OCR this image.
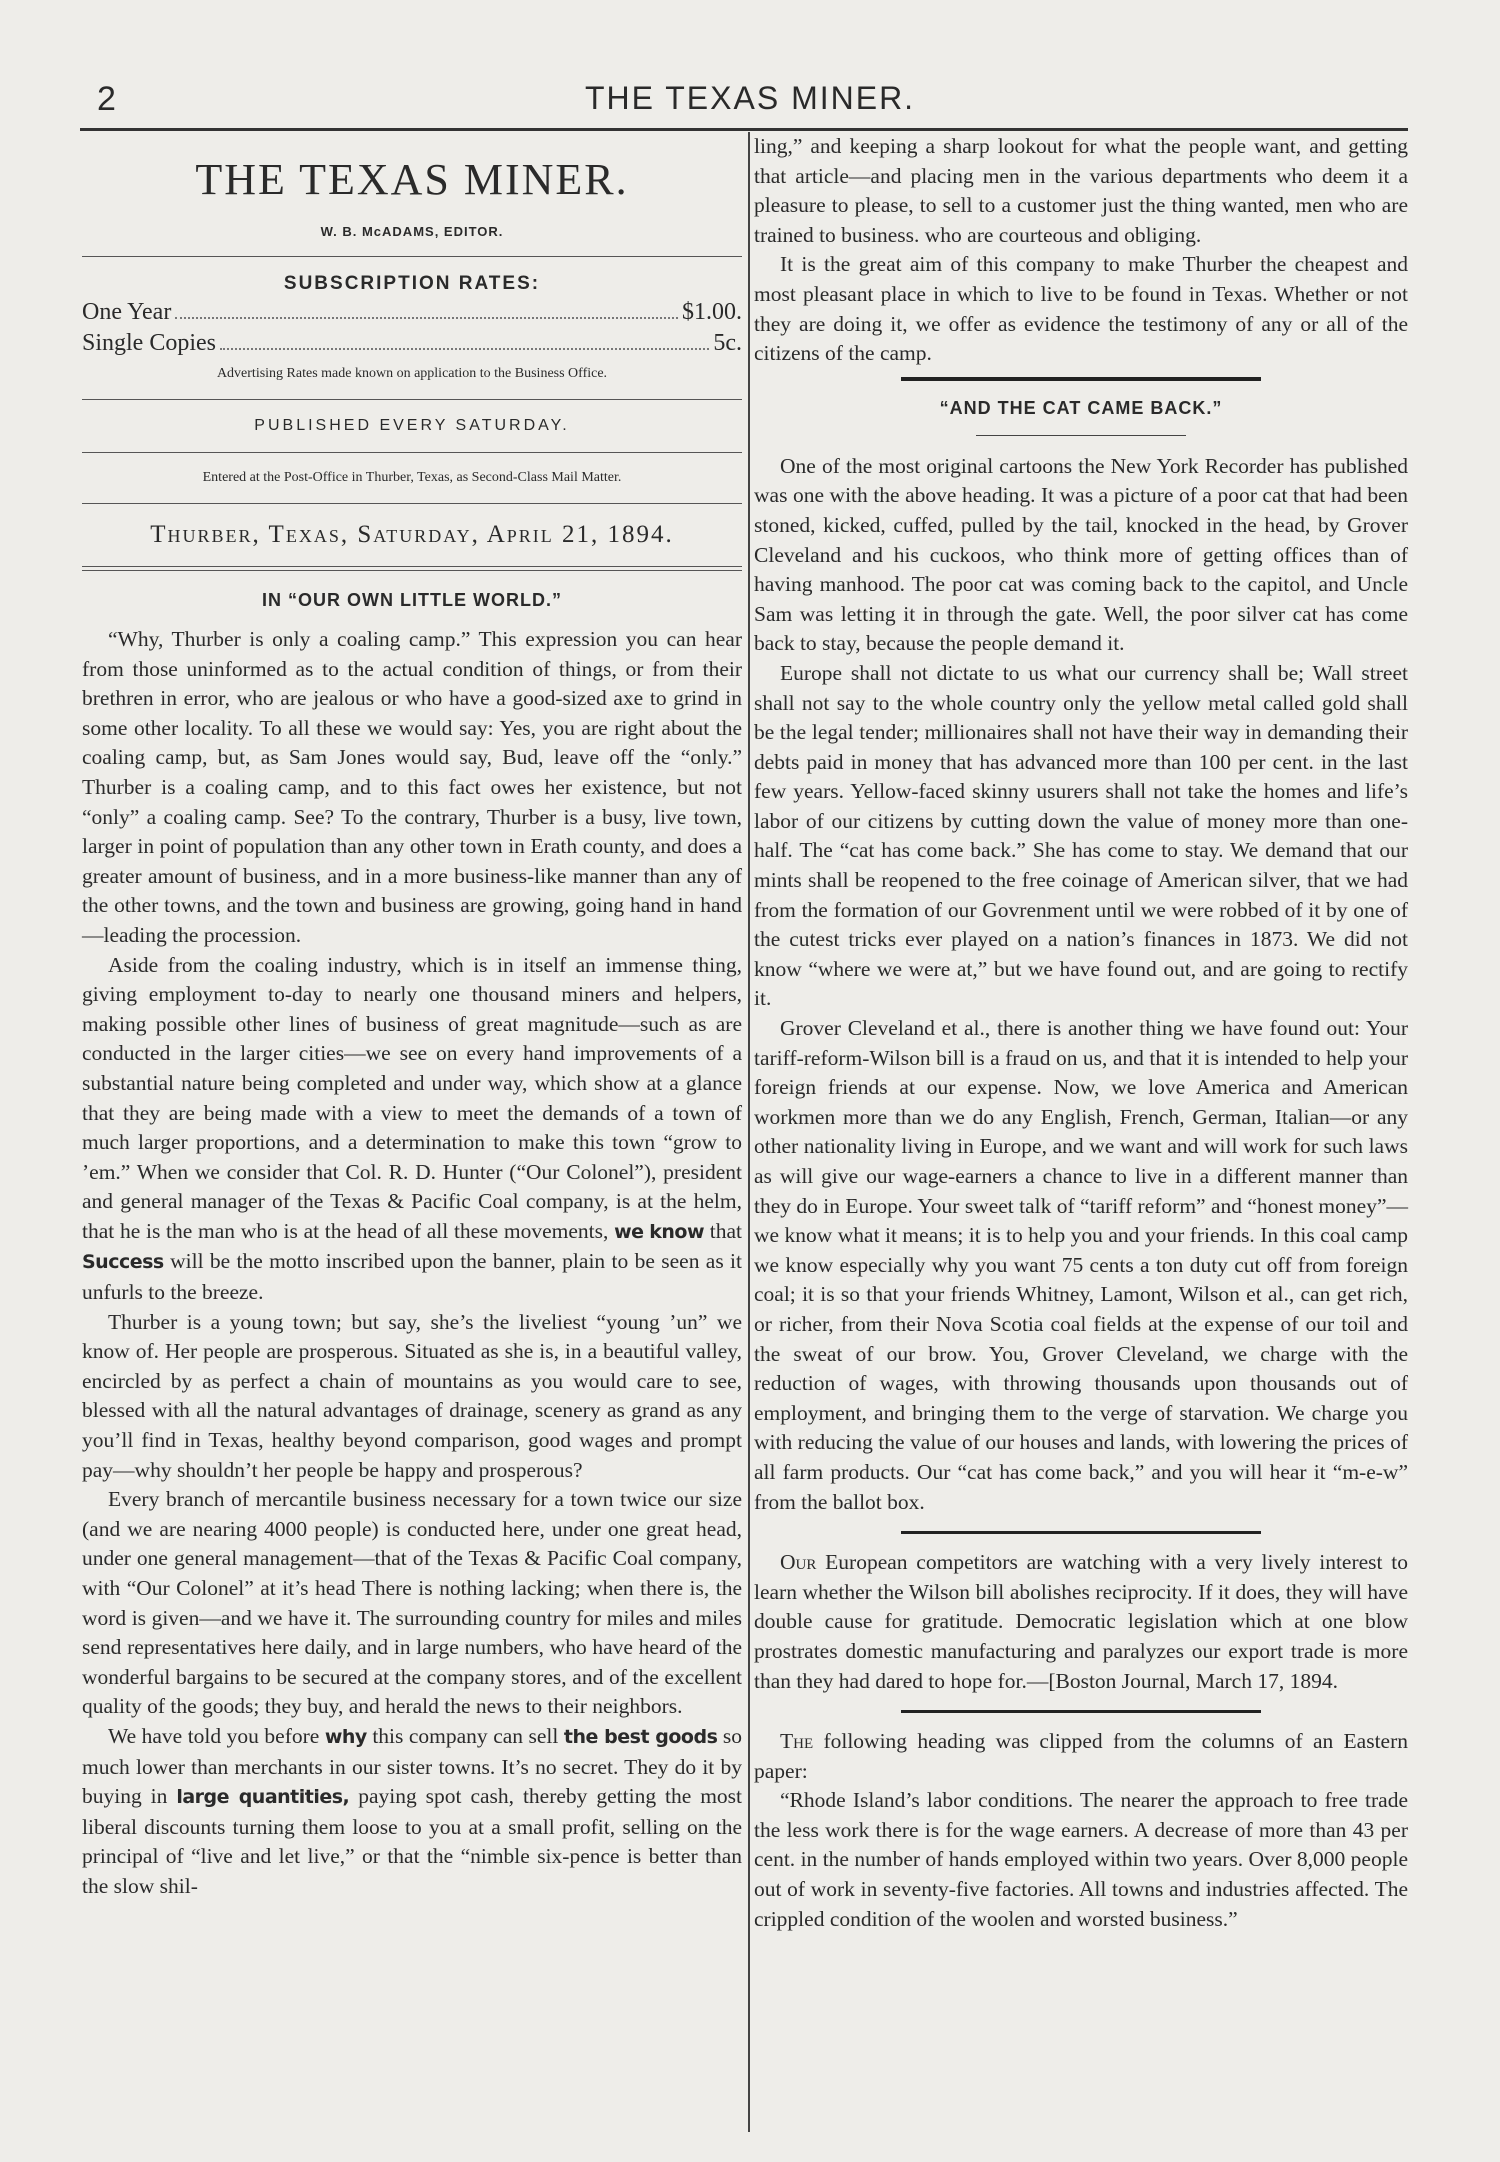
2	THE TEXAS MINER.
THE TEXAS MINER.
W. B. McADAMS, EDITOR.
SUBSCRIPTION RATES:
One Year	$1.00.
Single Copies	5c.
Advertising Rates made known on application to the Business Office.
PUBLISHED EVERY SATURDAY.
Entered at the Post-Office in Thurber, Texas, as Second-Class Mail Matter.
Thurber, Texas, Saturday, April 21, 1894.
IN “OUR OWN LITTLE WORLD.”

“Why, Thurber is only a coaling camp.” This expression you can hear from those uninformed as to the actual condition of things, or from their brethren in error, who are jealous or who have a good-sized axe to grind in some other locality. To all these we would say: Yes, you are right about the coaling camp, but, as Sam Jones would say, Bud, leave off the “only.” Thurber is a coaling camp, and to this fact owes her existence, but not “only” a coaling camp. See? To the contrary, Thurber is a busy, live town, larger in point of population than any other town in Erath county, and does a greater amount of business, and in a more business-like manner than any of the other towns, and the town and business are growing, going hand in hand—leading the procession.

Aside from the coaling industry, which is in itself an immense thing, giving employment to-day to nearly one thousand miners and helpers, making possible other lines of business of great magnitude—such as are conducted in the larger cities—we see on every hand improvements of a substantial nature being completed and under way, which show at a glance that they are being made with a view to meet the demands of a town of much larger proportions, and a determination to make this town “grow to ’em.” When we consider that Col. R. D. Hunter (“Our Colonel”), president and general manager of the Texas & Pacific Coal company, is at the helm, that he is the man who is at the head of all these movements, we know that Success will be the motto inscribed upon the banner, plain to be seen as it unfurls to the breeze.

Thurber is a young town; but say, she’s the liveliest “young ’un” we know of. Her people are prosperous. Situated as she is, in a beautiful valley, encircled by as perfect a chain of mountains as you would care to see, blessed with all the natural advantages of drainage, scenery as grand as any you’ll find in Texas, healthy beyond comparison, good wages and prompt pay—why shouldn’t her people be happy and prosperous?

Every branch of mercantile business necessary for a town twice our size (and we are nearing 4000 people) is conducted here, under one great head, under one general management—that of the Texas & Pacific Coal company, with “Our Colonel” at it’s head There is nothing lacking; when there is, the word is given—and we have it. The surrounding country for miles and miles send representatives here daily, and in large numbers, who have heard of the wonderful bargains to be secured at the company stores, and of the excellent quality of the goods; they buy, and herald the news to their neighbors.

We have told you before why this company can sell the best goods so much lower than merchants in our sister towns. It’s no secret. They do it by buying in large quantities, paying spot cash, thereby getting the most liberal discounts turning them loose to you at a small profit, selling on the principal of “live and let live,” or that the “nimble six-pence is better than the slow shil-

ling,” and keeping a sharp lookout for what the people want, and getting that article—and placing men in the various departments who deem it a pleasure to please, to sell to a customer just the thing wanted, men who are trained to business. who are courteous and obliging.

It is the great aim of this company to make Thurber the cheapest and most pleasant place in which to live to be found in Texas. Whether or not they are doing it, we offer as evidence the testimony of any or all of the citizens of the camp.

“AND THE CAT CAME BACK.”

One of the most original cartoons the New York Recorder has published was one with the above heading. It was a picture of a poor cat that had been stoned, kicked, cuffed, pulled by the tail, knocked in the head, by Grover Cleveland and his cuckoos, who think more of getting offices than of having manhood. The poor cat was coming back to the capitol, and Uncle Sam was letting it in through the gate. Well, the poor silver cat has come back to stay, because the people demand it.

Europe shall not dictate to us what our currency shall be; Wall street shall not say to the whole country only the yellow metal called gold shall be the legal tender; millionaires shall not have their way in demanding their debts paid in money that has advanced more than 100 per cent. in the last few years. Yellow-faced skinny usurers shall not take the homes and life’s labor of our citizens by cutting down the value of money more than one-half. The “cat has come back.” She has come to stay. We demand that our mints shall be reopened to the free coinage of American silver, that we had from the formation of our Govrenment until we were robbed of it by one of the cutest tricks ever played on a nation’s finances in 1873. We did not know “where we were at,” but we have found out, and are going to rectify it.

Grover Cleveland et al., there is another thing we have found out: Your tariff-reform-Wilson bill is a fraud on us, and that it is intended to help your foreign friends at our expense. Now, we love America and American workmen more than we do any English, French, German, Italian—or any other nationality living in Europe, and we want and will work for such laws as will give our wage-earners a chance to live in a different manner than they do in Europe. Your sweet talk of “tariff reform” and “honest money”—we know what it means; it is to help you and your friends. In this coal camp we know especially why you want 75 cents a ton duty cut off from foreign coal; it is so that your friends Whitney, Lamont, Wilson et al., can get rich, or richer, from their Nova Scotia coal fields at the expense of our toil and the sweat of our brow. You, Grover Cleveland, we charge with the reduction of wages, with throwing thousands upon thousands out of employment, and bringing them to the verge of starvation. We charge you with reducing the value of our houses and lands, with lowering the prices of all farm products. Our “cat has come back,” and you will hear it “m-e-w” from the ballot box.

Our European competitors are watching with a very lively interest to learn whether the Wilson bill abolishes reciprocity. If it does, they will have double cause for gratitude. Democratic legislation which at one blow prostrates domestic manufacturing and paralyzes our export trade is more than they had dared to hope for.—[Boston Journal, March 17, 1894.

The following heading was clipped from the columns of an Eastern paper:

“Rhode Island’s labor conditions. The nearer the approach to free trade the less work there is for the wage earners. A decrease of more than 43 per cent. in the number of hands employed within two years. Over 8,000 people out of work in seventy-five factories. All towns and industries affected. The crippled condition of the woolen and worsted business.”
